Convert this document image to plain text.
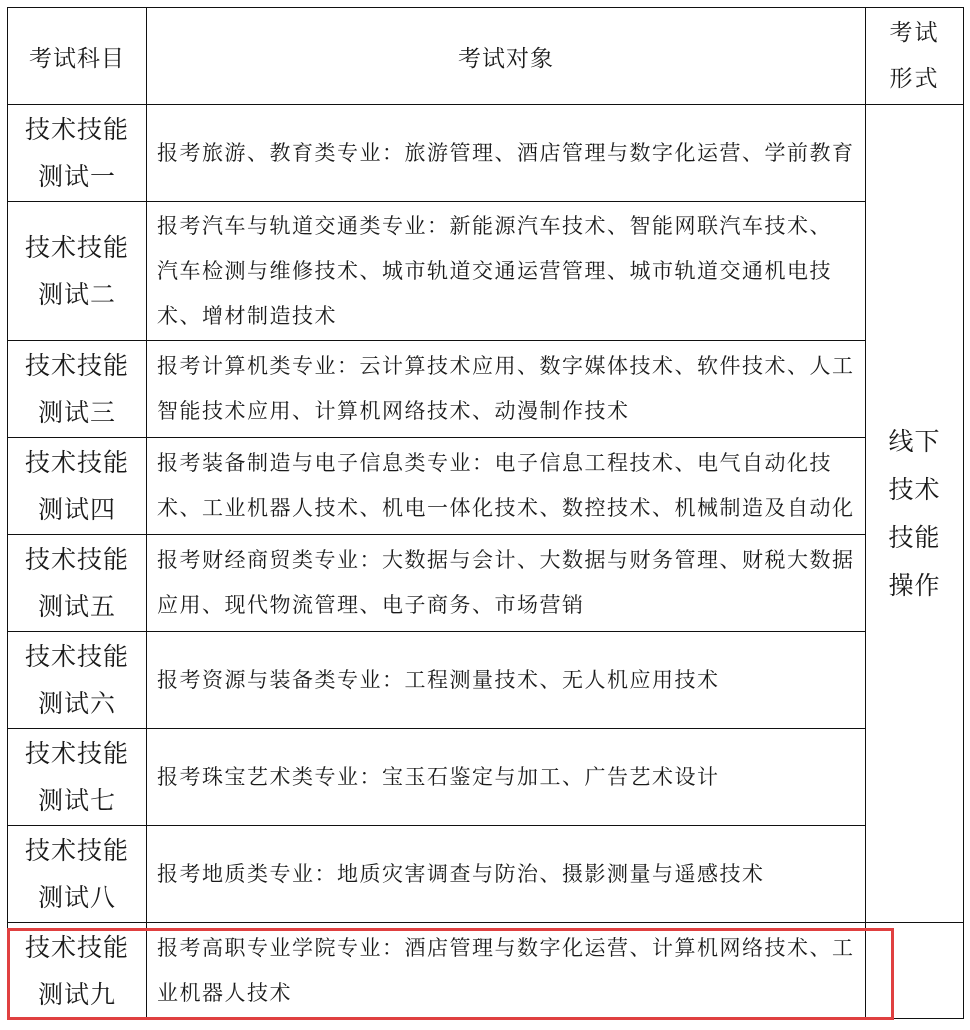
考试科目	考试对象	考试形式
技术技能测试一	报考旅游、教育类专业：旅游管理、酒店管理与数字化运营、学前教育	线下技术技能操作
技术技能测试二	报考汽车与轨道交通类专业：新能源汽车技术、智能网联汽车技术、 汽车检测与维修技术、城市轨道交通运营管理、城市轨道交通机电技术、增材制造技术	
技术技能测试三	报考计算机类专业：云计算技术应用、数字媒体技术、软件技术、人工智能技术应用、计算机网络技术、动漫制作技术	
技术技能测试四	报考装备制造与电子信息类专业：电子信息工程技术、电气自动化技术、工业机器人技术、机电一体化技术、数控技术、机械制造及自动化	
技术技能测试五	报考财经商贸类专业：大数据与会计、大数据与财务管理、财税大数据应用、现代物流管理、电子商务、市场营销	
技术技能测试六	报考资源与装备类专业：工程测量技术、无人机应用技术	
技术技能测试七	报考珠宝艺术类专业：宝玉石鉴定与加工、广告艺术设计	
技术技能测试八	报考地质类专业：地质灾害调查与防治、摄影测量与遥感技术	
技术技能测试九	报考高职专业学院专业：酒店管理与数字化运营、计算机网络技术、工业机器人技术	
